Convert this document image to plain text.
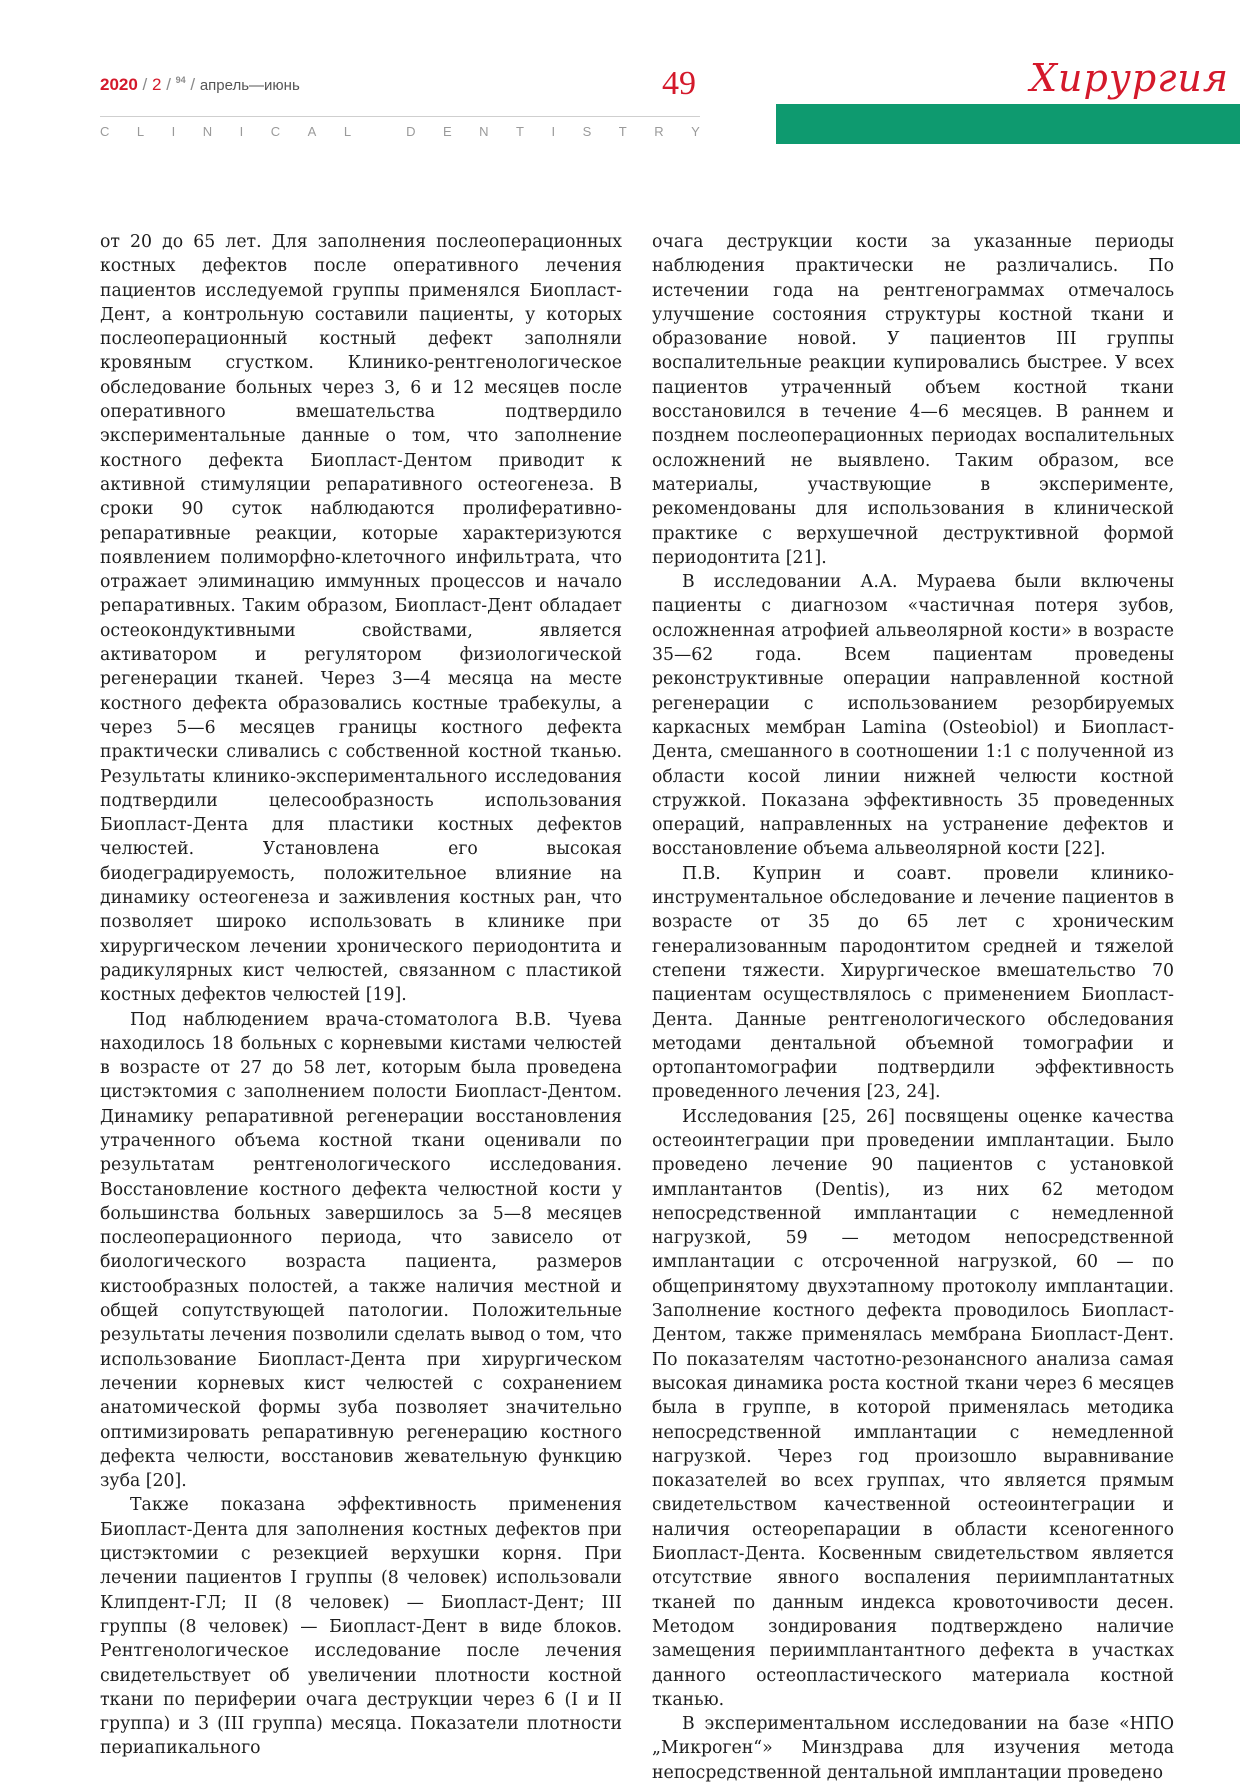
2020 / 2 / $^{94}$ / апрель—июнь	49
C L I N I C A L	D E N T I S T R Y
Хирургия

от 20 до 65 лет. Для заполнения послеоперационных костных дефектов после оперативного лечения пациентов исследуемой группы применялся Биопласт-Дент, а контрольную составили пациенты, у которых послеоперационный костный дефект заполняли кровяным сгустком. Клинико-рентгенологическое обследование больных через 3, 6 и 12 месяцев после оперативного вмешательства подтвердило экспериментальные данные о том, что заполнение костного дефекта Биопласт-Дентом приводит к активной стимуляции репаративного остеогенеза. В сроки 90 суток наблюдаются пролиферативно-репаративные реакции, которые характеризуются появлением полиморфно-клеточного инфильтрата, что отражает элиминацию иммунных процессов и начало репаративных. Таким образом, Биопласт-Дент обладает остеокондуктивными свойствами, является активатором и регулятором физиологической регенерации тканей. Через 3—4 месяца на месте костного дефекта образовались костные трабекулы, а через 5—6 месяцев границы костного дефекта практически сливались с собственной костной тканью. Результаты клинико-экспериментального исследования подтвердили целесообразность использования Биопласт-Дента для пластики костных дефектов челюстей. Установлена его высокая биодеградируемость, положительное влияние на динамику остеогенеза и заживления костных ран, что позволяет широко использовать в клинике при хирургическом лечении хронического периодонтита и радикулярных кист челюстей, связанном с пластикой костных дефектов челюстей [19].

Под наблюдением врача-стоматолога В.В. Чуева находилось 18 больных с корневыми кистами челюстей в возрасте от 27 до 58 лет, которым была проведена цистэктомия с заполнением полости Биопласт-Дентом. Динамику репаративной регенерации восстановления утраченного объема костной ткани оценивали по результатам рентгенологического исследования. Восстановление костного дефекта челюстной кости у большинства больных завершилось за 5—8 месяцев послеоперационного периода, что зависело от биологического возраста пациента, размеров кистообразных полостей, а также наличия местной и общей сопутствующей патологии. Положительные результаты лечения позволили сделать вывод о том, что использование Биопласт-Дента при хирургическом лечении корневых кист челюстей с сохранением анатомической формы зуба позволяет значительно оптимизировать репаративную регенерацию костного дефекта челюсти, восстановив жевательную функцию зуба [20].

Также показана эффективность применения Биопласт-Дента для заполнения костных дефектов при цистэктомии с резекцией верхушки корня. При лечении пациентов I группы (8 человек) использовали Клипдент-ГЛ; II (8 человек) — Биопласт-Дент; III группы (8 человек) — Биопласт-Дент в виде блоков. Рентгенологическое исследование после лечения свидетельствует об увеличении плотности костной ткани по периферии очага деструкции через 6 (I и II группа) и 3 (III группа) месяца. Показатели плотности периапикального

очага деструкции кости за указанные периоды наблюдения практически не различались. По истечении года на рентгенограммах отмечалось улучшение состояния структуры костной ткани и образование новой. У пациентов III группы воспалительные реакции купировались быстрее. У всех пациентов утраченный объем костной ткани восстановился в течение 4—6 месяцев. В раннем и позднем послеоперационных периодах воспалительных осложнений не выявлено. Таким образом, все материалы, участвующие в эксперименте, рекомендованы для использования в клинической практике с верхушечной деструктивной формой периодонтита [21].

В исследовании А.А. Мураева были включены пациенты с диагнозом «частичная потеря зубов, осложненная атрофией альвеолярной кости» в возрасте 35—62 года. Всем пациентам проведены реконструктивные операции направленной костной регенерации с использованием резорбируемых каркасных мембран Lamina (Osteobiol) и Биопласт-Дента, смешанного в соотношении 1:1 с полученной из области косой линии нижней челюсти костной стружкой. Показана эффективность 35 проведенных операций, направленных на устранение дефектов и восстановление объема альвеолярной кости [22].

П.В. Куприн и соавт. провели клинико-инструментальное обследование и лечение пациентов в возрасте от 35 до 65 лет с хроническим генерализованным пародонтитом средней и тяжелой степени тяжести. Хирургическое вмешательство 70 пациентам осуществлялось с применением Биопласт-Дента. Данные рентгенологического обследования методами дентальной объемной томографии и ортопантомографии подтвердили эффективность проведенного лечения [23, 24].

Исследования [25, 26] посвящены оценке качества остеоинтеграции при проведении имплантации. Было проведено лечение 90 пациентов с установкой имплантантов (Dentis), из них 62 методом непосредственной имплантации с немедленной нагрузкой, 59 — методом непосредственной имплантации с отсроченной нагрузкой, 60 — по общепринятому двухэтапному протоколу имплантации. Заполнение костного дефекта проводилось Биопласт-Дентом, также применялась мембрана Биопласт-Дент. По показателям частотно-резонансного анализа самая высокая динамика роста костной ткани через 6 месяцев была в группе, в которой применялась методика непосредственной имплантации с немедленной нагрузкой. Через год произошло выравнивание показателей во всех группах, что является прямым свидетельством качественной остеоинтеграции и наличия остеорепарации в области ксеногенного Биопласт-Дента. Косвенным свидетельством является отсутствие явного воспаления периимплантатных тканей по данным индекса кровоточивости десен. Методом зондирования подтверждено наличие замещения периимплантантного дефекта в участках данного остеопластического материала костной тканью.

В экспериментальном исследовании на базе «НПО „Микроген“» Минздрава для изучения метода непосредственной дентальной имплантации проведено
